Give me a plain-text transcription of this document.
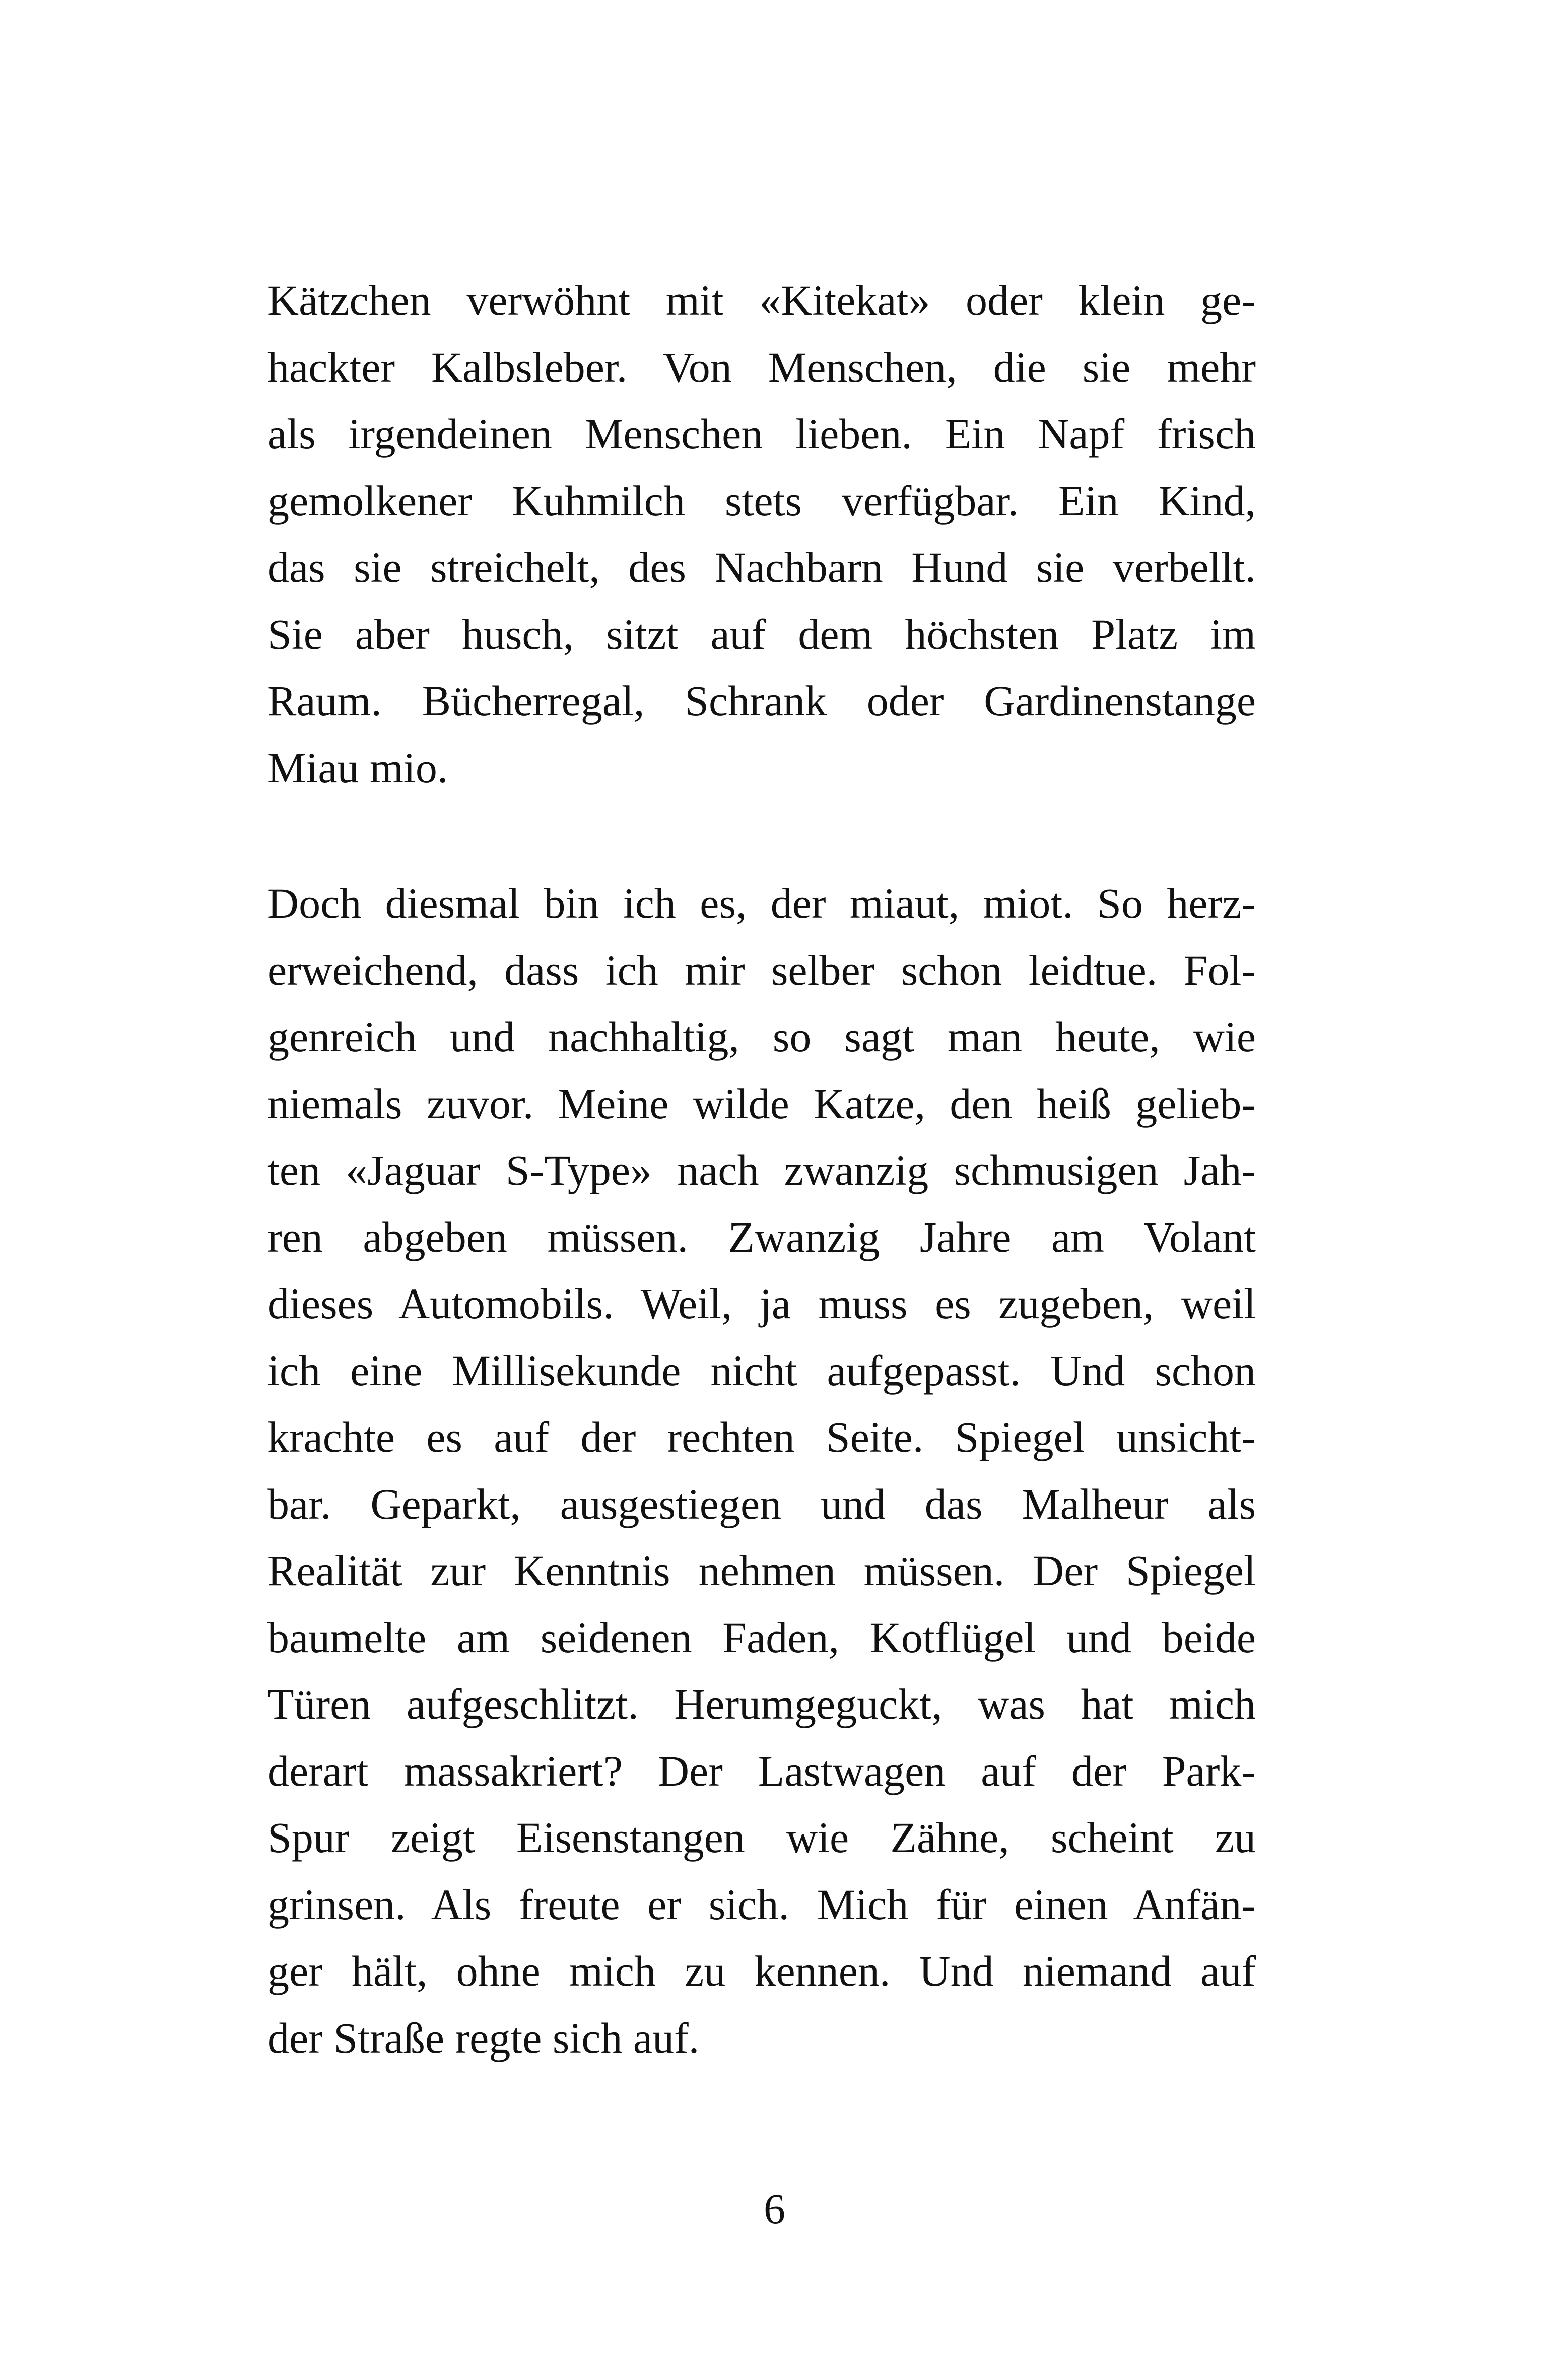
Kätzchen verwöhnt mit «Kitekat» oder klein ge-
hackter Kalbsleber. Von Menschen, die sie mehr
als irgendeinen Menschen lieben. Ein Napf frisch
gemolkener Kuhmilch stets verfügbar. Ein Kind,
das sie streichelt, des Nachbarn Hund sie verbellt.
Sie aber husch, sitzt auf dem höchsten Platz im
Raum. Bücherregal, Schrank oder Gardinenstange
Miau mio.
Doch diesmal bin ich es, der miaut, miot. So herz-
erweichend, dass ich mir selber schon leidtue. Fol-
genreich und nachhaltig, so sagt man heute, wie
niemals zuvor. Meine wilde Katze, den heiß gelieb-
ten «Jaguar S-Type» nach zwanzig schmusigen Jah-
ren abgeben müssen. Zwanzig Jahre am Volant
dieses Automobils. Weil, ja muss es zugeben, weil
ich eine Millisekunde nicht aufgepasst. Und schon
krachte es auf der rechten Seite. Spiegel unsicht-
bar. Geparkt, ausgestiegen und das Malheur als
Realität zur Kenntnis nehmen müssen. Der Spiegel
baumelte am seidenen Faden, Kotflügel und beide
Türen aufgeschlitzt. Herumgeguckt, was hat mich
derart massakriert? Der Lastwagen auf der Park-
Spur zeigt Eisenstangen wie Zähne, scheint zu
grinsen. Als freute er sich. Mich für einen Anfän-
ger hält, ohne mich zu kennen. Und niemand auf
der Straße regte sich auf.
6
